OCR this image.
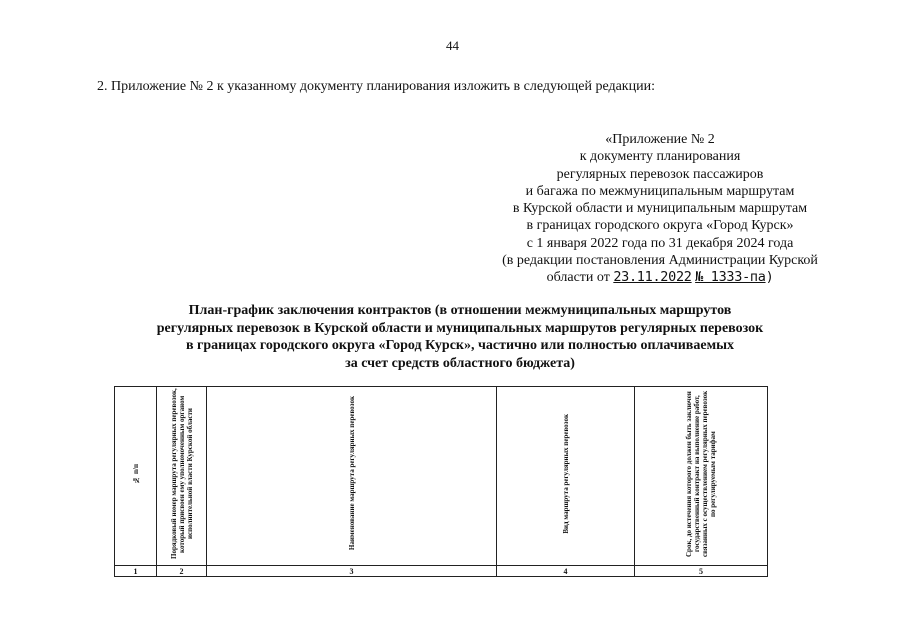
44
2. Приложение № 2 к указанному документу планирования изложить в следующей редакции:
«Приложение № 2
к документу планирования
регулярных перевозок пассажиров
и багажа по межмуниципальным маршрутам
в Курской области и муниципальным маршрутам
в границах городского округа «Город Курск»
с 1 января 2022 года по 31 декабря 2024 года
(в редакции постановления Администрации Курской
области от 23.11.2022 № 1333-па)
План-график заключения контрактов (в отношении межмуниципальных маршрутов
регулярных перевозок в Курской области и муниципальных маршрутов регулярных перевозок
в границах городского округа «Город Курск», частично или полностью оплачиваемых
за счет средств областного бюджета)
№ п/п	Порядковый номер маршрута регулярных перевозок, который присвоен ему уполномоченным органом исполнительной власти Курской области	Наименование маршрута регулярных перевозок	Вид маршрута регулярных перевозок	Срок, до истечения которого должен быть заключен государственный контракт на выполнение работ, связанных с осуществлением регулярных перевозок по регулируемым тарифам
1	2	3	4	5
